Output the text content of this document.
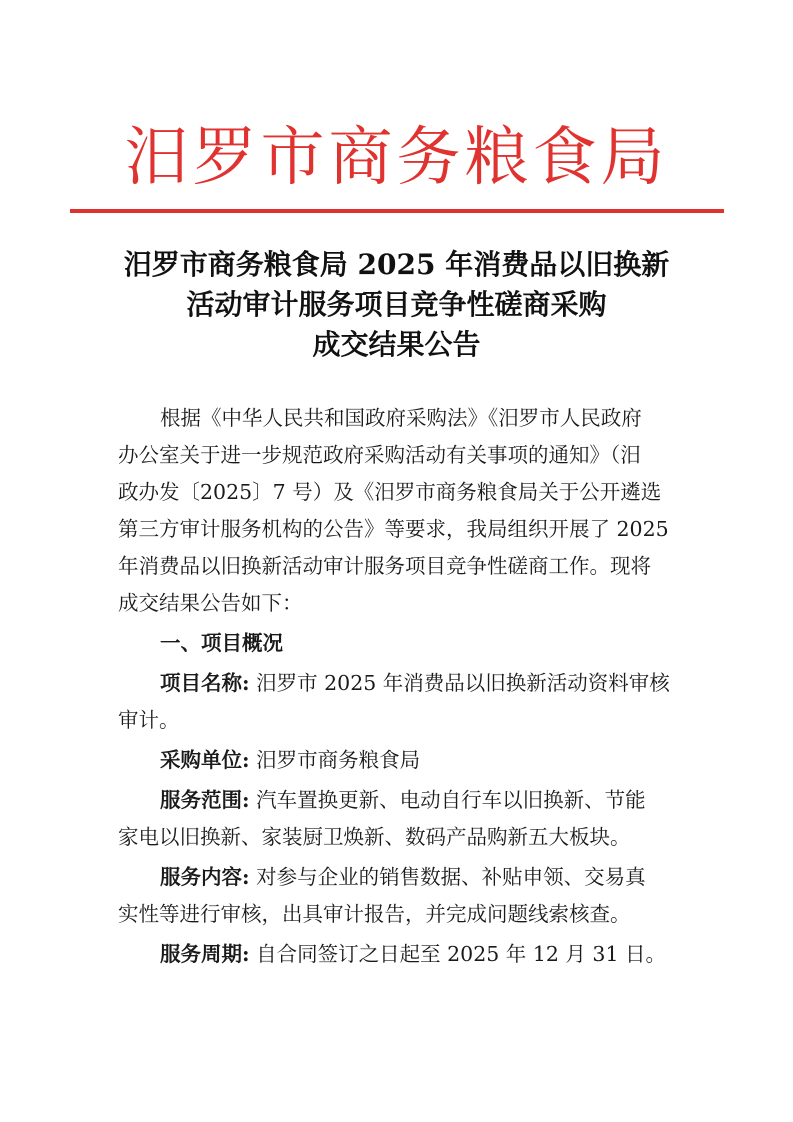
汨罗市商务粮食局
汨罗市商务粮食局 2025 年消费品以旧换新
活动审计服务项目竞争性磋商采购
成交结果公告
根据《中华人民共和国政府采购法》《汨罗市人民政府
办公室关于进一步规范政府采购活动有关事项的通知》（汨
政办发〔2025〕7 号）及《汨罗市商务粮食局关于公开遴选
第三方审计服务机构的公告》等要求，我局组织开展了 2025
年消费品以旧换新活动审计服务项目竞争性磋商工作。现将
成交结果公告如下：
一、项目概况
项目名称: 汨罗市 2025 年消费品以旧换新活动资料审核
审计。
采购单位: 汨罗市商务粮食局
服务范围: 汽车置换更新、电动自行车以旧换新、节能
家电以旧换新、家装厨卫焕新、数码产品购新五大板块。
服务内容: 对参与企业的销售数据、补贴申领、交易真
实性等进行审核，出具审计报告，并完成问题线索核查。
服务周期: 自合同签订之日起至 2025 年 12 月 31 日。
